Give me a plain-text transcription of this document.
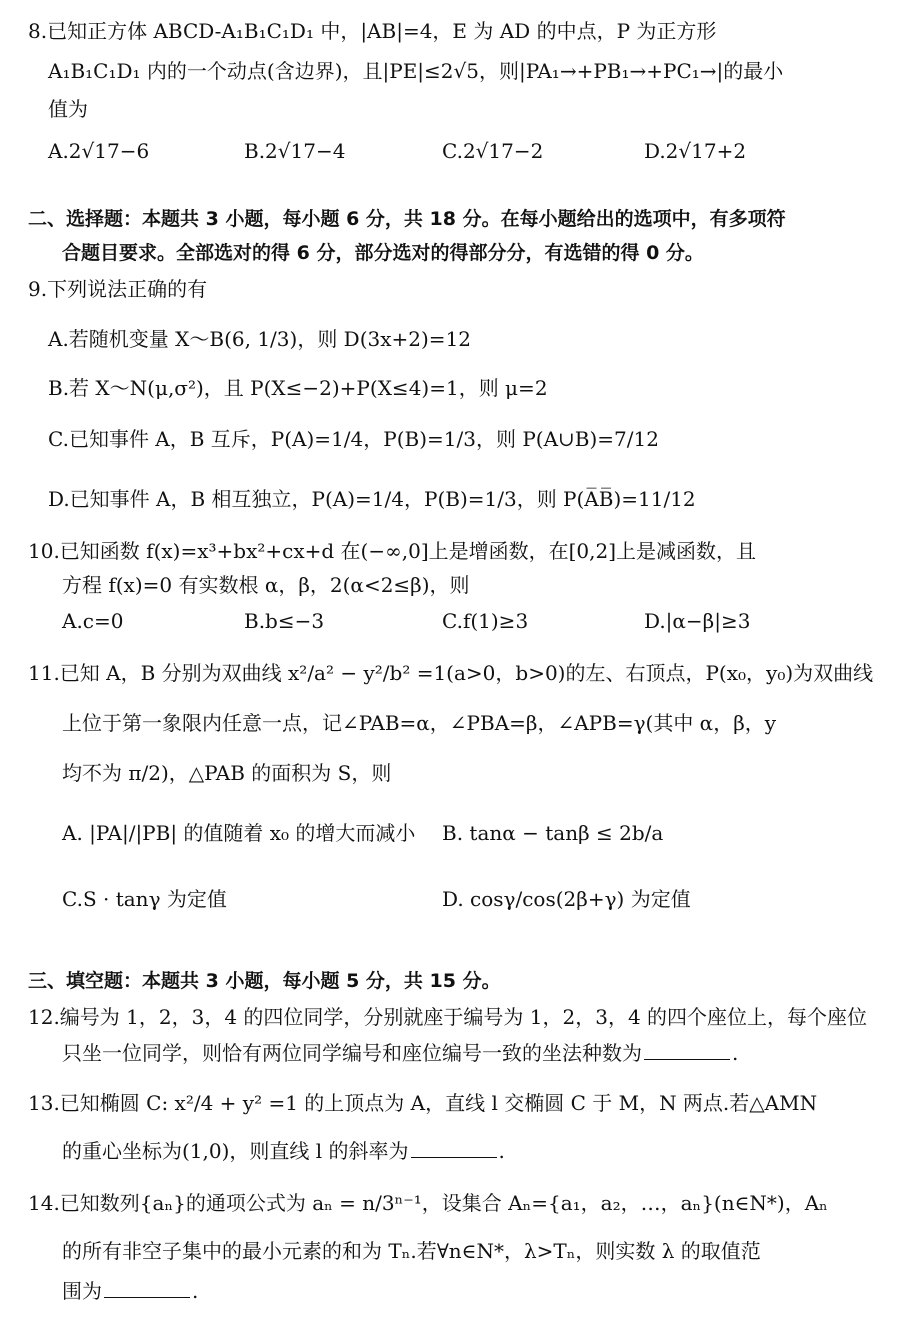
8.已知正方体 ABCD-A₁B₁C₁D₁ 中，|AB|=4，E 为 AD 的中点，P 为正方形
A₁B₁C₁D₁ 内的一个动点(含边界)，且|PE|≤2√5，则|PA₁→+PB₁→+PC₁→|的最小
值为
A.2√17−6	B.2√17−4	C.2√17−2	D.2√17+2
二、选择题：本题共 3 小题，每小题 6 分，共 18 分。在每小题给出的选项中，有多项符
合题目要求。全部选对的得 6 分，部分选对的得部分分，有选错的得 0 分。
9.下列说法正确的有
A.若随机变量 X～B(6, 1/3)，则 D(3x+2)=12
B.若 X～N(μ,σ²)，且 P(X≤−2)+P(X≤4)=1，则 μ=2
C.已知事件 A，B 互斥，P(A)=1/4，P(B)=1/3，则 P(A∪B)=7/12
D.已知事件 A，B 相互独立，P(A)=1/4，P(B)=1/3，则 P(A̅B̅)=11/12
10.已知函数 f(x)=x³+bx²+cx+d 在(−∞,0]上是增函数，在[0,2]上是减函数，且
方程 f(x)=0 有实数根 α，β，2(α<2≤β)，则
A.c=0	B.b≤−3	C.f(1)≥3	D.|α−β|≥3
11.已知 A，B 分别为双曲线 x²/a² − y²/b² =1(a>0，b>0)的左、右顶点，P(x₀，y₀)为双曲线
上位于第一象限内任意一点，记∠PAB=α，∠PBA=β，∠APB=γ(其中 α，β，y
均不为 π/2)，△PAB 的面积为 S，则
A. |PA|/|PB| 的值随着 x₀ 的增大而减小 B. tanα − tanβ ≤ 2b/a
C.S · tanγ 为定值	D. cosγ/cos(2β+γ) 为定值
三、填空题：本题共 3 小题，每小题 5 分，共 15 分。
12.编号为 1，2，3，4 的四位同学，分别就座于编号为 1，2，3，4 的四个座位上，每个座位
只坐一位同学，则恰有两位同学编号和座位编号一致的坐法种数为	.
13.已知椭圆 C: x²/4 + y² =1 的上顶点为 A，直线 l 交椭圆 C 于 M，N 两点.若△AMN
的重心坐标为(1,0)，则直线 l 的斜率为	.
14.已知数列{aₙ}的通项公式为 aₙ = n/3ⁿ⁻¹，设集合 Aₙ={a₁，a₂，…，aₙ}(n∈N*)，Aₙ
的所有非空子集中的最小元素的和为 Tₙ.若∀n∈N*，λ>Tₙ，则实数 λ 的取值范
围为	.
